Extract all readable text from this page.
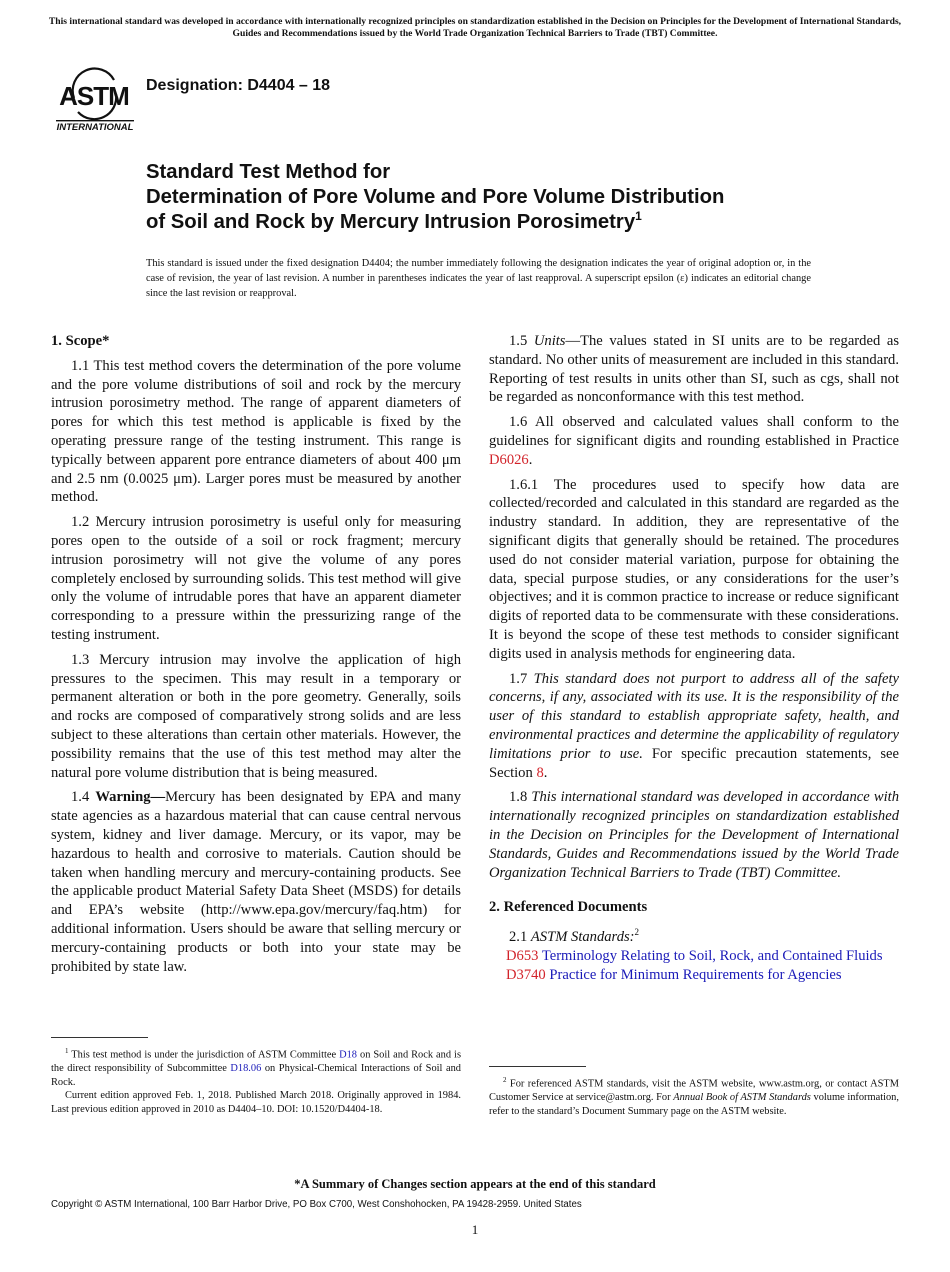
This international standard was developed in accordance with internationally recognized principles on standardization established in the Decision on Principles for the Development of International Standards, Guides and Recommendations issued by the World Trade Organization Technical Barriers to Trade (TBT) Committee.
ASTM
INTERNATIONAL
Designation: D4404 – 18
Standard Test Method for
Determination of Pore Volume and Pore Volume Distribution
of Soil and Rock by Mercury Intrusion Porosimetry$^1$
This standard is issued under the fixed designation D4404; the number immediately following the designation indicates the year of original adoption or, in the case of revision, the year of last revision. A number in parentheses indicates the year of last reapproval. A superscript epsilon (ε) indicates an editorial change since the last revision or reapproval.
1. Scope*

1.1 This test method covers the determination of the pore volume and the pore volume distributions of soil and rock by the mercury intrusion porosimetry method. The range of apparent diameters of pores for which this test method is applicable is fixed by the operating pressure range of the testing instrument. This range is typically between apparent pore entrance diameters of about 400 μm and 2.5 nm (0.0025 μm). Larger pores must be measured by another method.

1.2 Mercury intrusion porosimetry is useful only for measuring pores open to the outside of a soil or rock fragment; mercury intrusion porosimetry will not give the volume of any pores completely enclosed by surrounding solids. This test method will give only the volume of intrudable pores that have an apparent diameter corresponding to a pressure within the pressurizing range of the testing instrument.

1.3 Mercury intrusion may involve the application of high pressures to the specimen. This may result in a temporary or permanent alteration or both in the pore geometry. Generally, soils and rocks are composed of comparatively strong solids and are less subject to these alterations than certain other materials. However, the possibility remains that the use of this test method may alter the natural pore volume distribution that is being measured.

1.4 Warning—Mercury has been designated by EPA and many state agencies as a hazardous material that can cause central nervous system, kidney and liver damage. Mercury, or its vapor, may be hazardous to health and corrosive to materials. Caution should be taken when handling mercury and mercury-containing products. See the applicable product Material Safety Data Sheet (MSDS) for details and EPA’s website (http://www.epa.gov/mercury/faq.htm) for additional information. Users should be aware that selling mercury or mercury-containing products or both into your state may be prohibited by state law.

1.5 Units—The values stated in SI units are to be regarded as standard. No other units of measurement are included in this standard. Reporting of test results in units other than SI, such as cgs, shall not be regarded as nonconformance with this test method.

1.6 All observed and calculated values shall conform to the guidelines for significant digits and rounding established in Practice D6026.

1.6.1 The procedures used to specify how data are collected/recorded and calculated in this standard are regarded as the industry standard. In addition, they are representative of the significant digits that generally should be retained. The procedures used do not consider material variation, purpose for obtaining the data, special purpose studies, or any considerations for the user’s objectives; and it is common practice to increase or reduce significant digits of reported data to be commensurate with these considerations. It is beyond the scope of these test methods to consider significant digits used in analysis methods for engineering data.

1.7 This standard does not purport to address all of the safety concerns, if any, associated with its use. It is the responsibility of the user of this standard to establish appropriate safety, health, and environmental practices and determine the applicability of regulatory limitations prior to use. For specific precaution statements, see Section 8.

1.8 This international standard was developed in accordance with internationally recognized principles on standardization established in the Decision on Principles for the Development of International Standards, Guides and Recommendations issued by the World Trade Organization Technical Barriers to Trade (TBT) Committee.

2. Referenced Documents

2.1 ASTM Standards:$^2$

D653 Terminology Relating to Soil, Rock, and Contained Fluids
D3740 Practice for Minimum Requirements for Agencies

$^1$ This test method is under the jurisdiction of ASTM Committee D18 on Soil and Rock and is the direct responsibility of Subcommittee D18.06 on Physical-Chemical Interactions of Soil and Rock.

Current edition approved Feb. 1, 2018. Published March 2018. Originally approved in 1984. Last previous edition approved in 2010 as D4404–10. DOI: 10.1520/D4404-18.

$^2$ For referenced ASTM standards, visit the ASTM website, www.astm.org, or contact ASTM Customer Service at service@astm.org. For Annual Book of ASTM Standards volume information, refer to the standard’s Document Summary page on the ASTM website.

*A Summary of Changes section appears at the end of this standard
Copyright © ASTM International, 100 Barr Harbor Drive, PO Box C700, West Conshohocken, PA 19428-2959. United States
1
